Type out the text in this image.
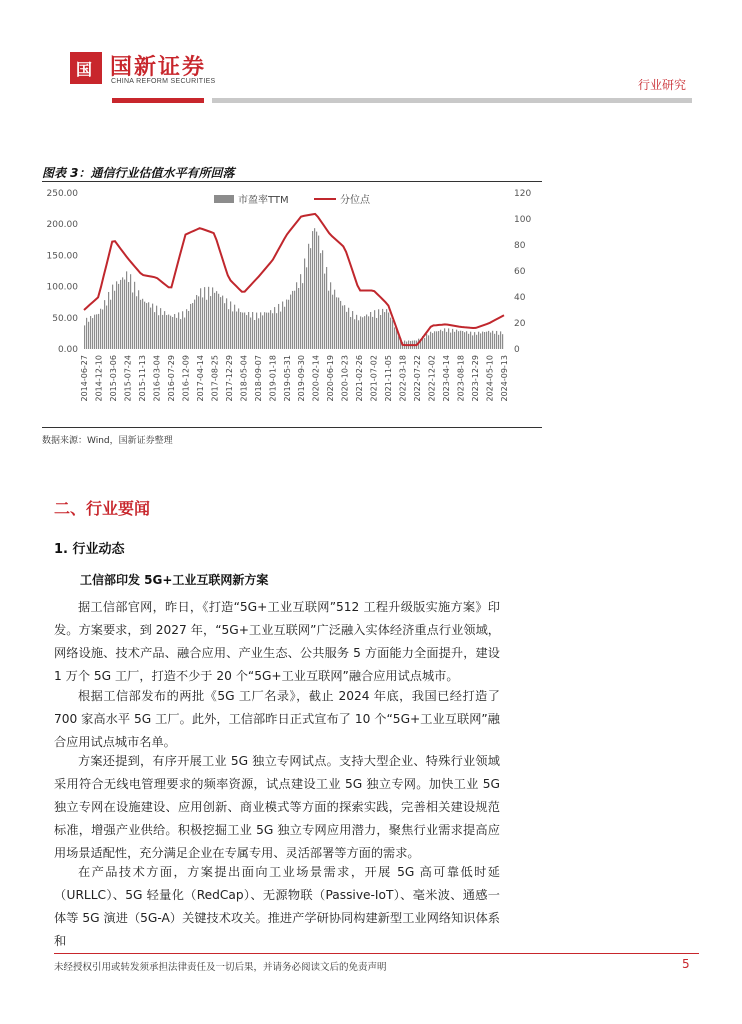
国新
国新证券
CHINA REFORM SECURITIES	行业研究
图表 3：通信行业估值水平有所回落
250.00
200.00
150.00
100.00
50.00
0.00
120
100
80
60
40
20
0
2014-06-27 2014-12-10 2015-03-06 2015-07-24 2015-11-13 2016-03-04 2016-07-29 2016-12-09 2017-04-14 2017-08-25 2017-12-29 2018-05-04 2018-09-07 2019-01-18 2019-05-31 2019-09-30 2020-02-14 2020-06-19 2020-10-23 2021-02-26 2021-07-02 2021-11-05 2022-03-18 2022-07-22 2022-12-02 2023-04-14 2023-08-18 2023-12-29 2024-05-10 2024-09-13
市盈率TTM	分位点
数据来源：Wind，国新证券整理
二、行业要闻
1. 行业动态
工信部印发 5G+工业互联网新方案
据工信部官网，昨日，《打造“5G+工业互联网”512 工程升级版实施方案》印发。方案要求，到 2027 年，“5G+工业互联网”广泛融入实体经济重点行业领域，网络设施、技术产品、融合应用、产业生态、公共服务 5 方面能力全面提升，建设 1 万个 5G 工厂，打造不少于 20 个“5G+工业互联网”融合应用试点城市。
根据工信部发布的两批《5G 工厂名录》，截止 2024 年底，我国已经打造了 700 家高水平 5G 工厂。此外，工信部昨日正式宣布了 10 个“5G+工业互联网”融合应用试点城市名单。
方案还提到，有序开展工业 5G 独立专网试点。支持大型企业、特殊行业领域采用符合无线电管理要求的频率资源，试点建设工业 5G 独立专网。加快工业 5G 独立专网在设施建设、应用创新、商业模式等方面的探索实践，完善相关建设规范标准，增强产业供给。积极挖掘工业 5G 独立专网应用潜力，聚焦行业需求提高应用场景适配性，充分满足企业在专属专用、灵活部署等方面的需求。
在产品技术方面，方案提出面向工业场景需求，开展 5G 高可靠低时延（URLLC）、5G 轻量化（RedCap）、无源物联（Passive-IoT）、毫米波、通感一体等 5G 演进（5G-A）关键技术攻关。推进产学研协同构建新型工业网络知识体系和
未经授权引用或转发须承担法律责任及一切后果，并请务必阅读文后的免责声明	5
